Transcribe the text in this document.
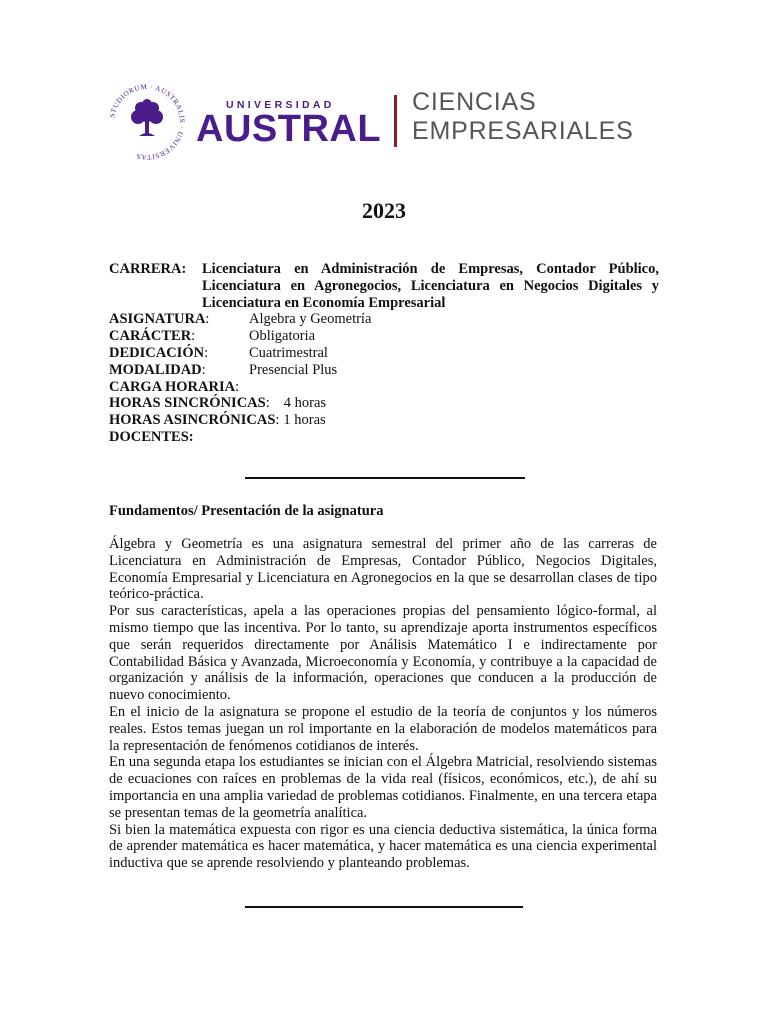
STUDIORUM · AUSTRALIS · UNIVERSITAS
UNIVERSIDAD
AUSTRAL
CIENCIAS
EMPRESARIALES
2023
CARRERA:	Licenciatura en Administración de Empresas, Contador Público, Licenciatura en Agronegocios, Licenciatura en Negocios Digitales y Licenciatura en Economía Empresarial
ASIGNATURA:	Algebra y Geometría
CARÁCTER:	Obligatoria
DEDICACIÓN:	Cuatrimestral
MODALIDAD:	Presencial Plus
CARGA HORARIA :
HORAS SINCRÓNICAS : 4 horas
HORAS ASINCRÓNICAS : 1 horas
DOCENTES:
Fundamentos/ Presentación de la asignatura

Álgebra y Geometría es una asignatura semestral del primer año de las carreras de Licenciatura en Administración de Empresas, Contador Público, Negocios Digitales, Economía Empresarial y Licenciatura en Agronegocios en la que se desarrollan clases de tipo teórico-práctica.

Por sus características, apela a las operaciones propias del pensamiento lógico-formal, al mismo tiempo que las incentiva. Por lo tanto, su aprendizaje aporta instrumentos específicos que serán requeridos directamente por Análisis Matemático I e indirectamente por Contabilidad Básica y Avanzada, Microeconomía y Economía, y contribuye a la capacidad de organización y análisis de la información, operaciones que conducen a la producción de nuevo conocimiento.

En el inicio de la asignatura se propone el estudio de la teoría de conjuntos y los números reales. Estos temas juegan un rol importante en la elaboración de modelos matemáticos para la representación de fenómenos cotidianos de interés.

En una segunda etapa los estudiantes se inician con el Álgebra Matricial, resolviendo sistemas de ecuaciones con raíces en problemas de la vida real (físicos, económicos, etc.), de ahí su importancia en una amplia variedad de problemas cotidianos. Finalmente, en una tercera etapa se presentan temas de la geometría analítica.

Si bien la matemática expuesta con rigor es una ciencia deductiva sistemática, la única forma de aprender matemática es hacer matemática, y hacer matemática es una ciencia experimental inductiva que se aprende resolviendo y planteando problemas.
